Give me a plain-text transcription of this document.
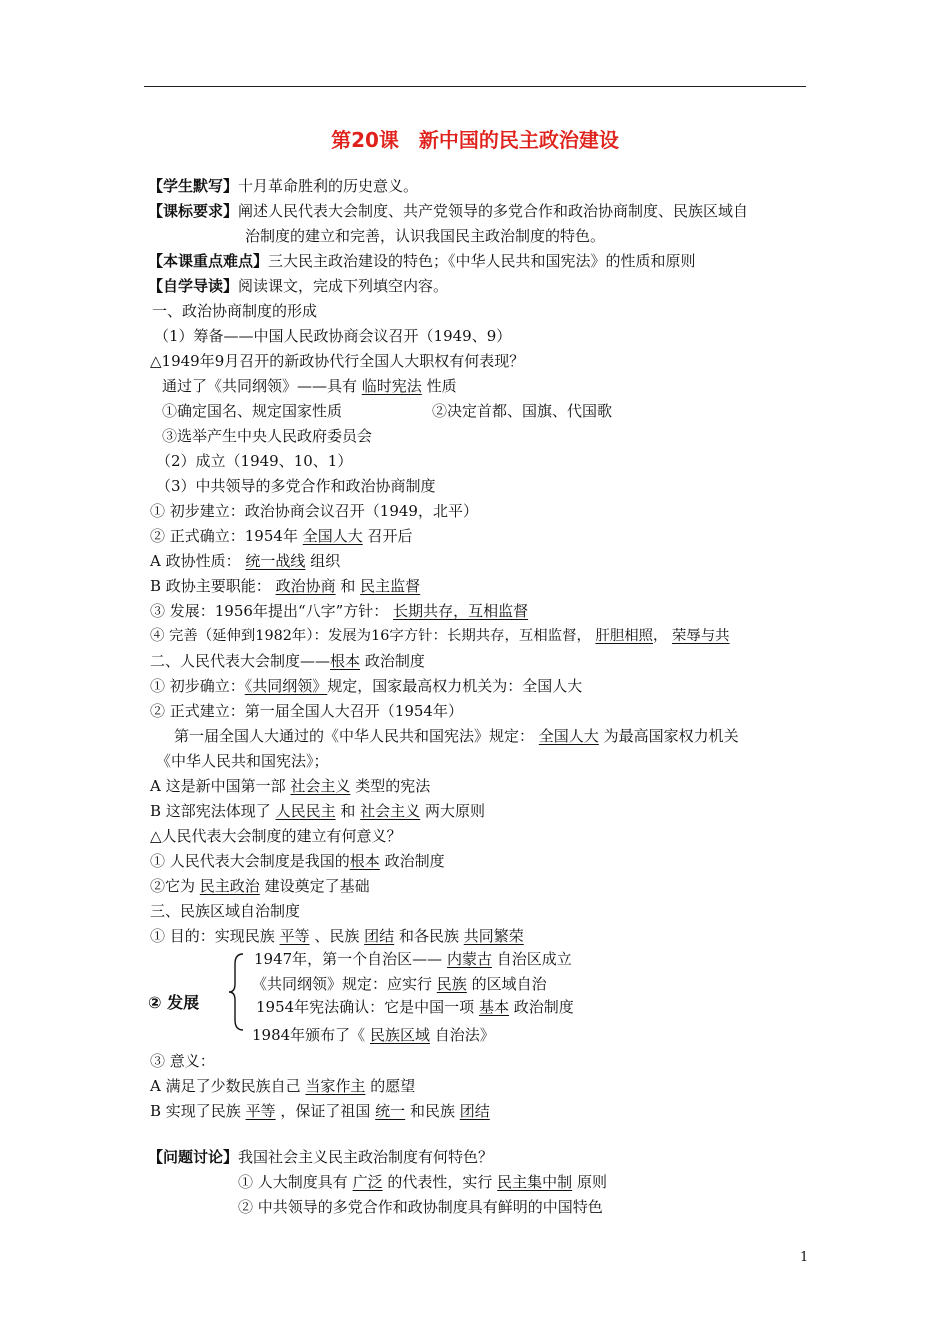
第20课　新中国的民主政治建设
【学生默写】十月革命胜利的历史意义。
【课标要求】阐述人民代表大会制度、共产党领导的多党合作和政治协商制度、民族区域自
治制度的建立和完善，认识我国民主政治制度的特色。
【本课重点难点】三大民主政治建设的特色；《中华人民共和国宪法》的性质和原则
【自学导读】阅读课文，完成下列填空内容。
一、政治协商制度的形成
（1）筹备——中国人民政协商会议召开（1949、9）
△1949年9月召开的新政协代行全国人大职权有何表现？
通过了《共同纲领》——具有 临时宪法 性质
①确定国名、规定国家性质	②决定首都、国旗、代国歌
③选举产生中央人民政府委员会
（2）成立（1949、10、1）
（3）中共领导的多党合作和政治协商制度
① 初步建立：政治协商会议召开（1949，北平）
② 正式确立：1954年 全国人大 召开后
A 政协性质： 统一战线 组织
B 政协主要职能： 政治协商 和 民主监督
③ 发展：1956年提出“八字”方针： 长期共存，互相监督
④ 完善（延伸到1982年）：发展为16字方针：长期共存，互相监督， 肝胆相照， 荣辱与共
二、人民代表大会制度——根本 政治制度
① 初步确立：《共同纲领》规定，国家最高权力机关为：全国人大
② 正式建立：第一届全国人大召开（1954年）
第一届全国人大通过的《中华人民共和国宪法》规定： 全国人大 为最高国家权力机关
《中华人民共和国宪法》；
A 这是新中国第一部 社会主义 类型的宪法
B 这部宪法体现了 人民民主 和 社会主义 两大原则
△人民代表大会制度的建立有何意义？
① 人民代表大会制度是我国的根本 政治制度
②它为 民主政治 建设奠定了基础
三、民族区域自治制度
① 目的：实现民族 平等 、民族 团结 和各民族 共同繁荣
② 发展
1947年，第一个自治区—— 内蒙古 自治区成立
《共同纲领》规定：应实行 民族 的区域自治
1954年宪法确认：它是中国一项 基本 政治制度
1984年颁布了《 民族区域 自治法》
③ 意义：
A 满足了少数民族自己 当家作主 的愿望
B 实现了民族 平等 ，保证了祖国 统一 和民族 团结
【问题讨论】我国社会主义民主政治制度有何特色？
① 人大制度具有 广泛 的代表性，实行 民主集中制 原则
② 中共领导的多党合作和政协制度具有鲜明的中国特色
1
